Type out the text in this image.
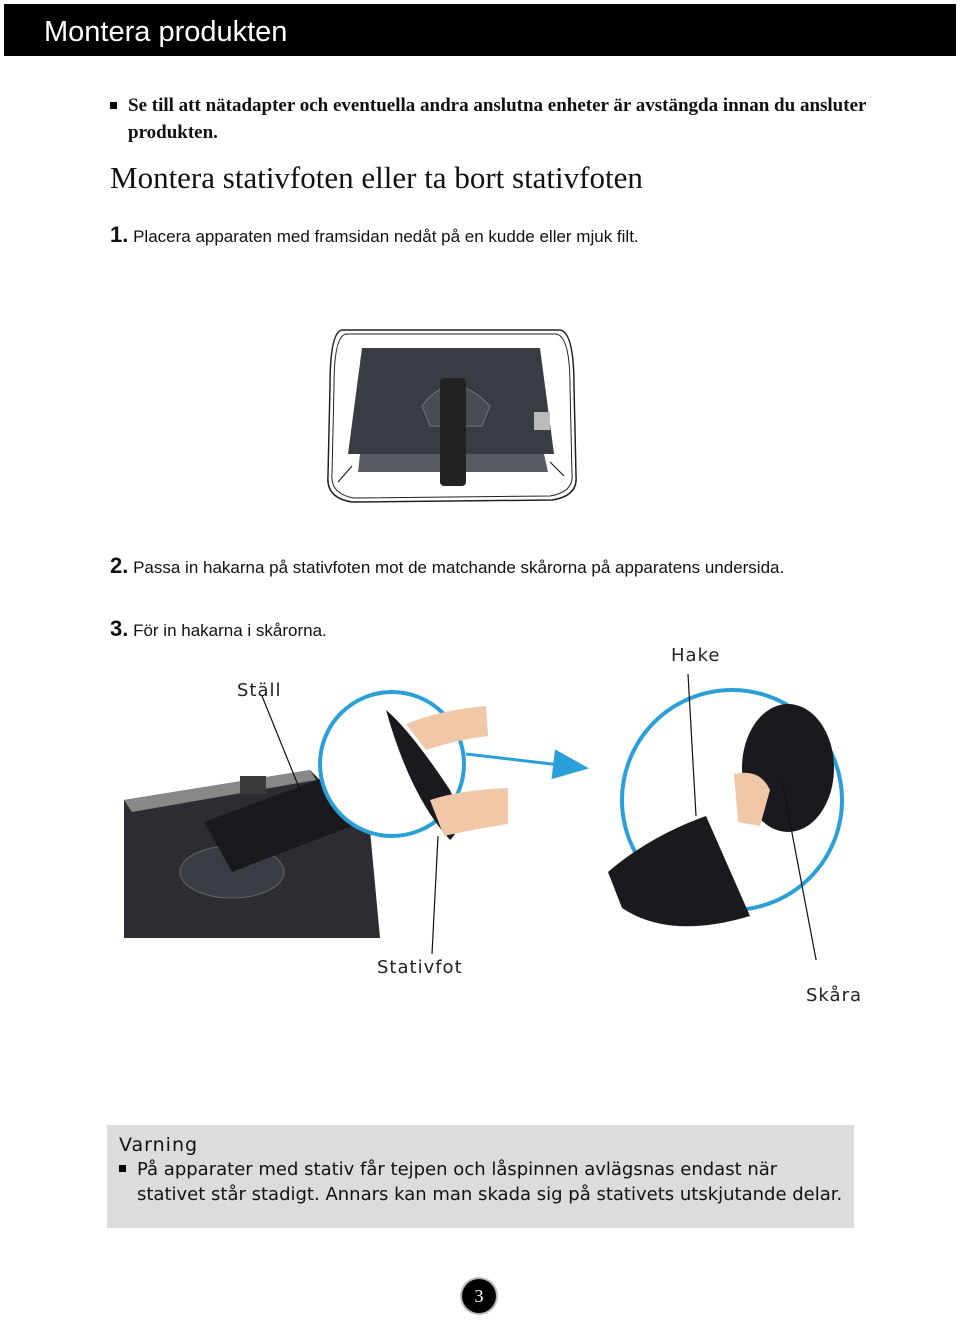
Montera produkten
Se till att nätadapter och eventuella andra anslutna enheter är avstängda innan du ansluter produkten.
Montera stativfoten eller ta bort stativfoten
1. Placera apparaten med framsidan nedåt på en kudde eller mjuk filt.
2. Passa in hakarna på stativfoten mot de matchande skårorna på apparatens undersida.
3. För in hakarna i skårorna.
Ställ
Hake
Stativfot
Skåra
Varning
På apparater med stativ får tejpen och låspinnen avlägsnas endast när stativet står stadigt. Annars kan man skada sig på stativets utskjutande delar.
3
